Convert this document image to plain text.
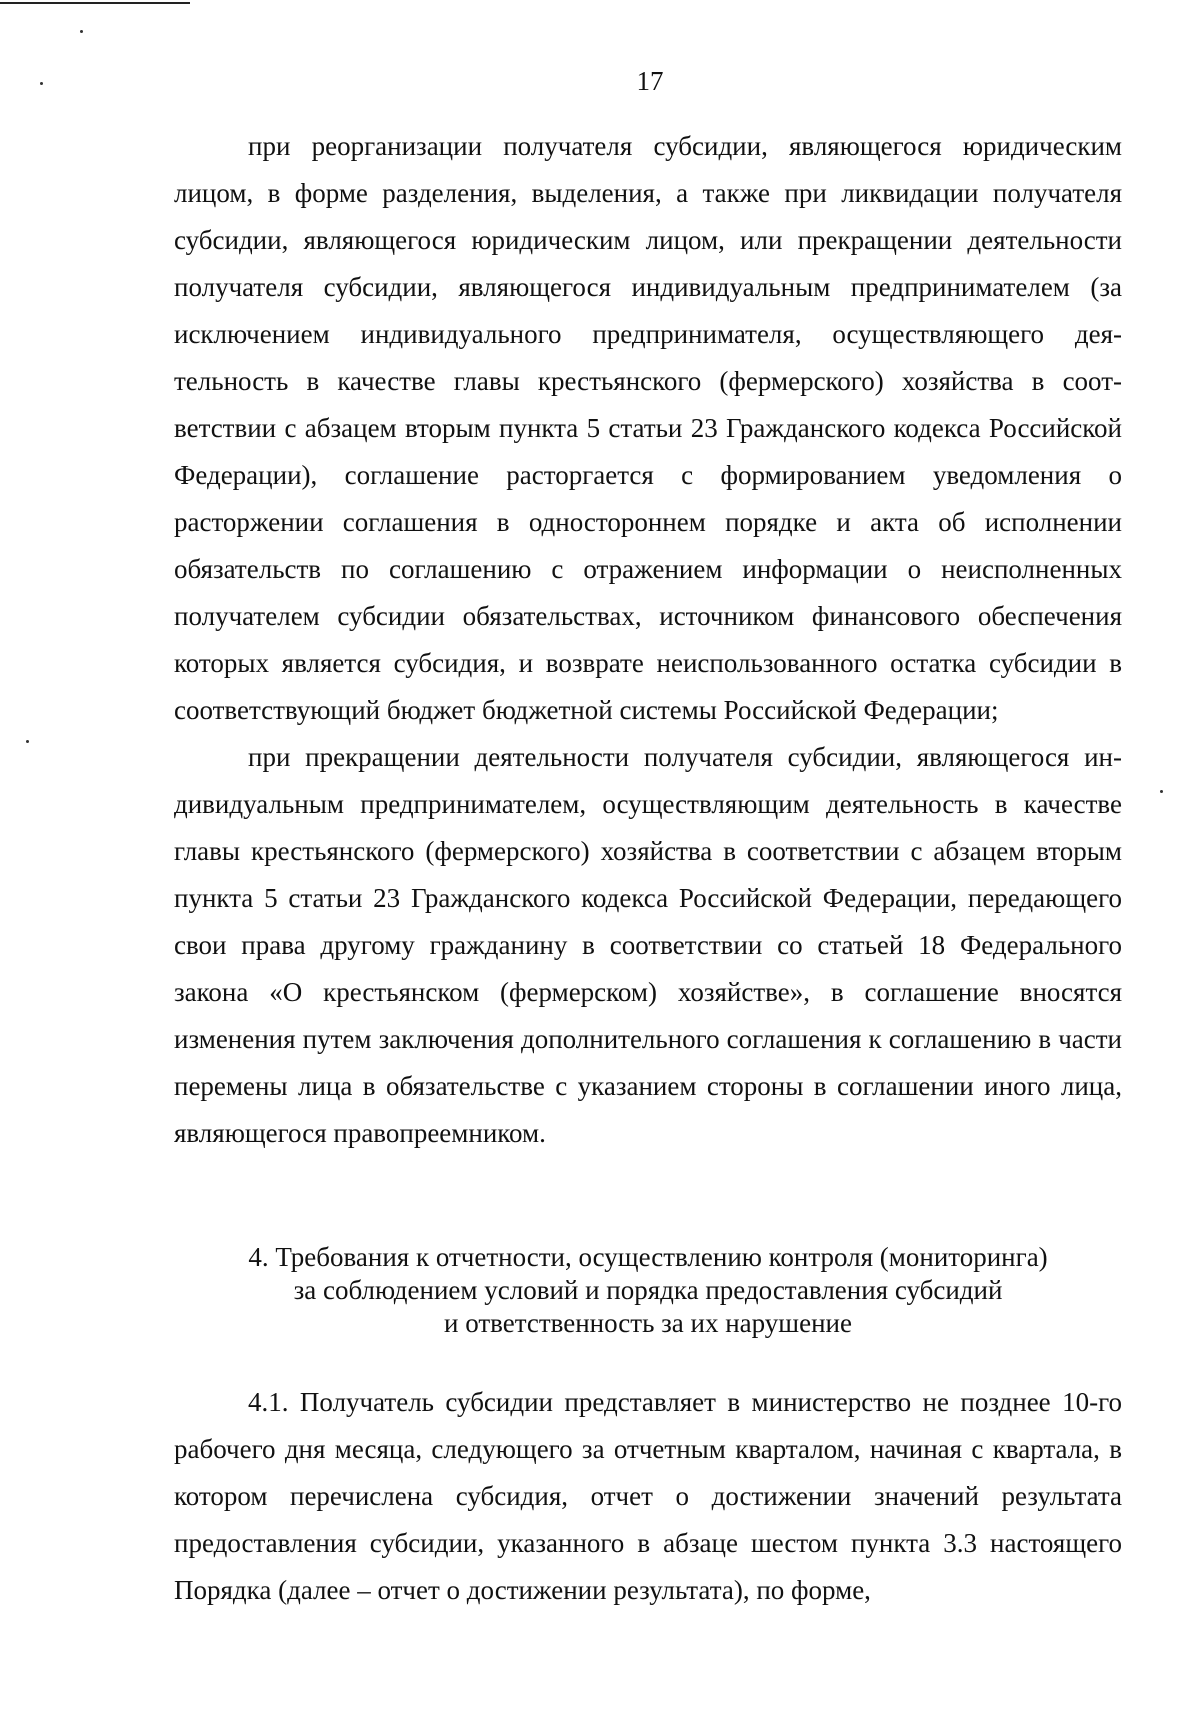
17

при реорганизации получателя субсидии, являющегося юридическим лицом, в форме разделения, выделения, а также при ликвидации получателя субсидии, являющегося юридическим лицом, или прекращении деятельности получателя субсидии, являющегося индивидуальным предпринимателем (за исключением индивидуального предпринимателя, осуществляющего деятельность в качестве главы крестьянского (фермерского) хозяйства в соответствии с абзацем вторым пункта 5 статьи 23 Гражданского кодекса Российской Федерации), соглашение расторгается с формированием уведомления о расторжении соглашения в одностороннем порядке и акта об исполнении обязательств по соглашению с отражением информации о неисполненных получателем субсидии обязательствах, источником финансового обеспечения которых является субсидия, и возврате неиспользованного остатка субсидии в соответствующий бюджет бюджетной системы Российской Федерации;

при прекращении деятельности получателя субсидии, являющегося индивидуальным предпринимателем, осуществляющим деятельность в качестве главы крестьянского (фермерского) хозяйства в соответствии с абзацем вторым пункта 5 статьи 23 Гражданского кодекса Российской Федерации, передающего свои права другому гражданину в соответствии со статьей 18 Федерального закона «О крестьянском (фермерском) хозяйстве», в соглашение вносятся изменения путем заключения дополнительного соглашения к соглашению в части перемены лица в обязательстве с указанием стороны в соглашении иного лица, являющегося правопреемником.

4. Требования к отчетности, осуществлению контроля (мониторинга)
за соблюдением условий и порядка предоставления субсидий
и ответственность за их нарушение

4.1. Получатель субсидии представляет в министерство не позднее 10-го рабочего дня месяца, следующего за отчетным кварталом, начиная с квартала, в котором перечислена субсидия, отчет о достижении значений результата предоставления субсидии, указанного в абзаце шестом пункта 3.3 настоящего Порядка (далее – отчет о достижении результата), по форме,
